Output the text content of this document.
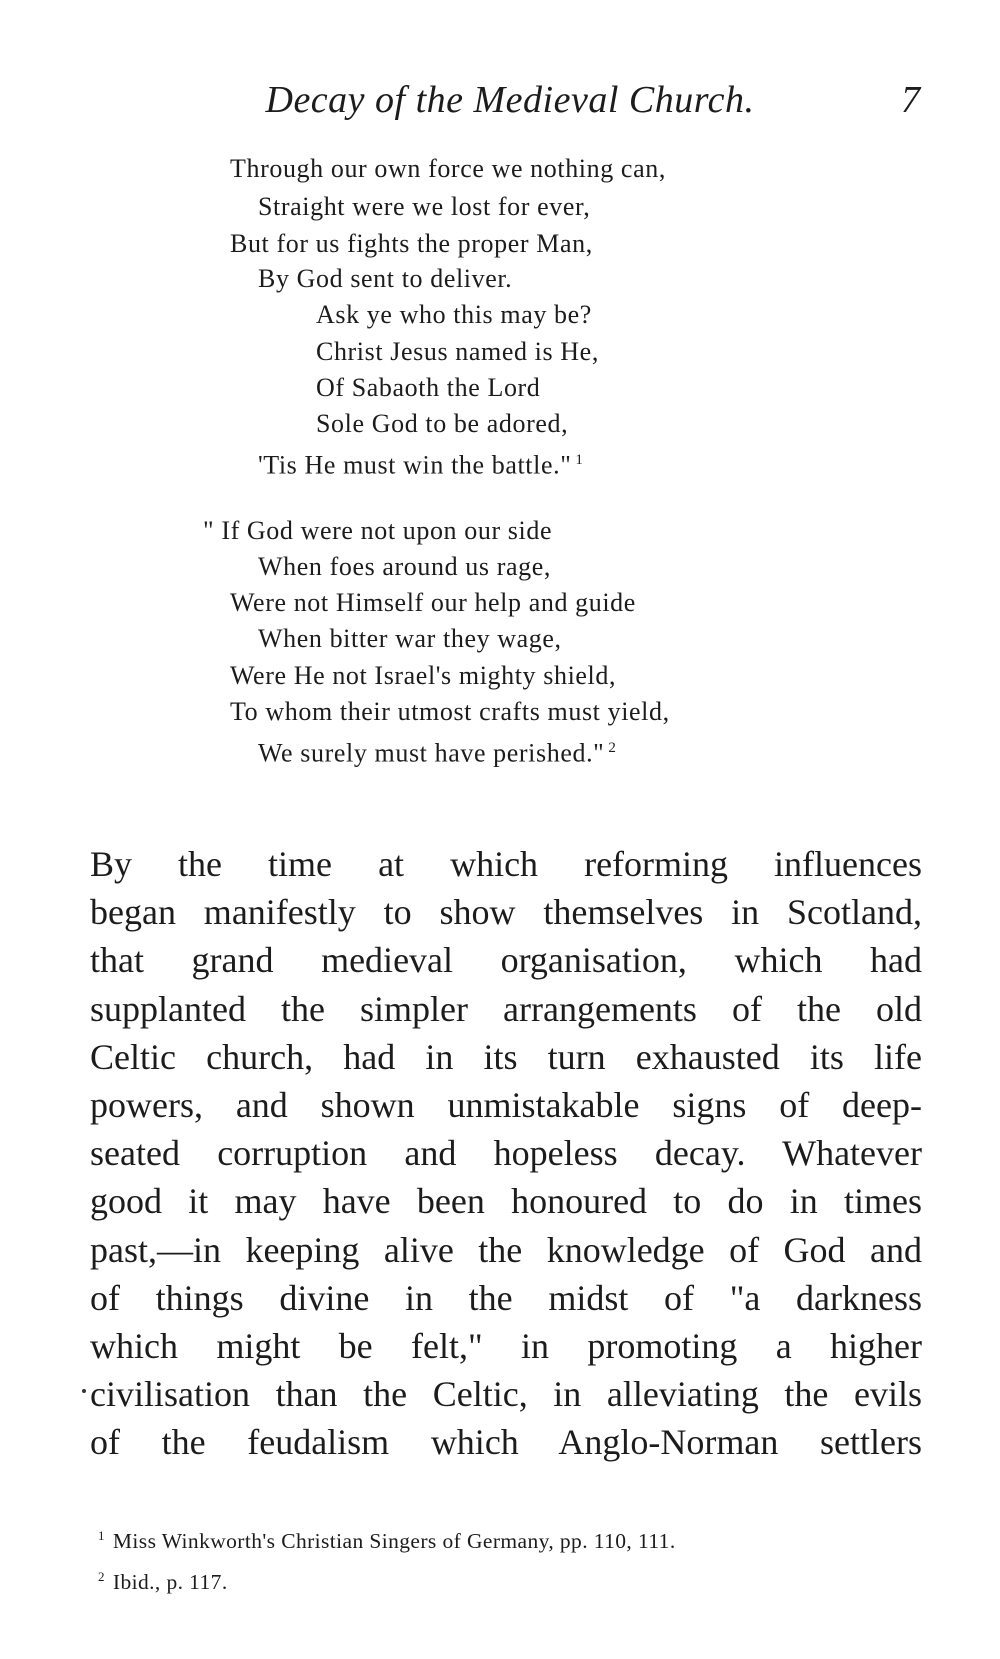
Decay of the Medieval Church.	7
Through our own force we nothing can,
Straight were we lost for ever,
But for us fights the proper Man,
By God sent to deliver.
Ask ye who this may be?
Christ Jesus named is He,
Of Sabaoth the Lord
Sole God to be adored,
'Tis He must win the battle." $^1$
" If God were not upon our side
When foes around us rage,
Were not Himself our help and guide
When bitter war they wage,
Were He not Israel's mighty shield,
To whom their utmost crafts must yield,
We surely must have perished." $^2$
By the time at which reforming influences
began manifestly to show themselves in Scotland,
that grand medieval organisation, which had
supplanted the simpler arrangements of the old
Celtic church, had in its turn exhausted its life
powers, and shown unmistakable signs of deep-
seated corruption and hopeless decay. Whatever
good it may have been honoured to do in times
past,—in keeping alive the knowledge of God and
of things divine in the midst of "a darkness
which might be felt," in promoting a higher
civilisation than the Celtic, in alleviating the evils
of the feudalism which Anglo-Norman settlers
$^1$ Miss Winkworth's Christian Singers of Germany, pp. 110, 111.
$^2$ Ibid., p. 117.
